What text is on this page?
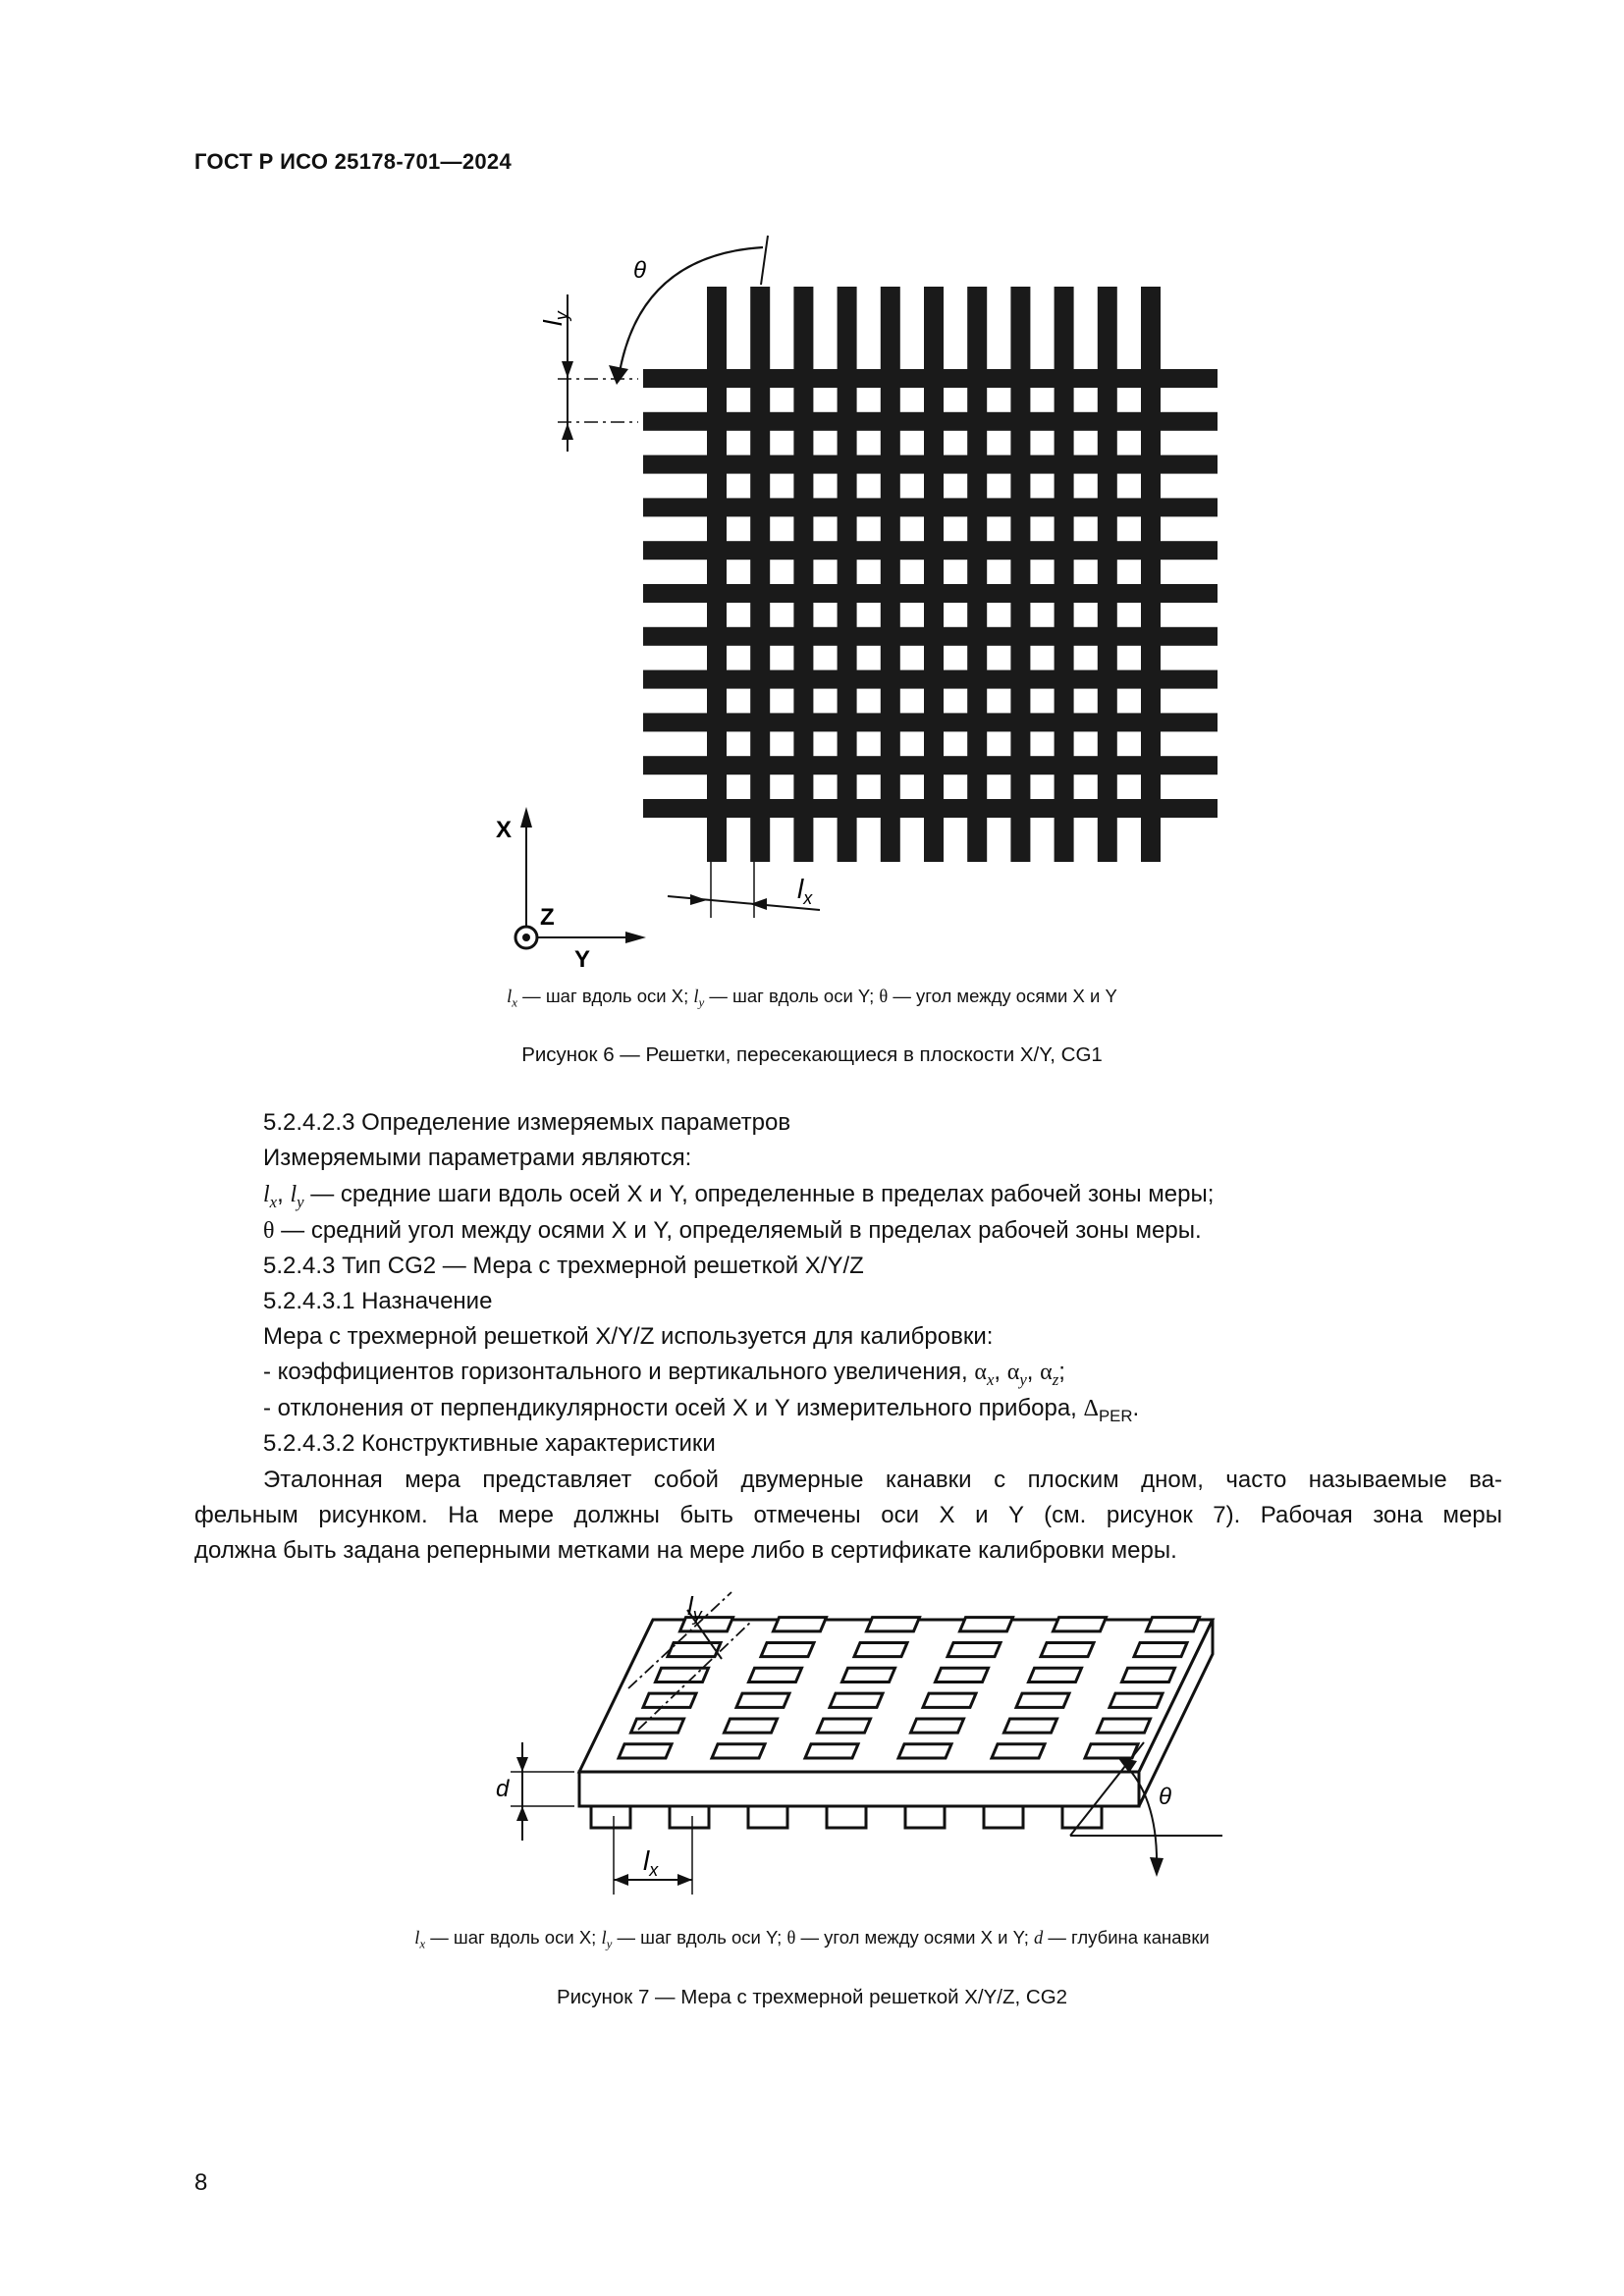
ГОСТ Р ИСО 25178-701—2024
θ
$l_y$
$l_x$
X
Z
Y
$l_x$ — шаг вдоль оси X; $l_y$ — шаг вдоль оси Y; θ — угол между осями X и Y
Рисунок 6 — Решетки, пересекающиеся в плоскости X/Y, CG1
5.2.4.2.3 Определение измеряемых параметров
Измеряемыми параметрами являются:
$l_x$, $l_y$ — средние шаги вдоль осей X и Y, определенные в пределах рабочей зоны меры;
θ — средний угол между осями X и Y, определяемый в пределах рабочей зоны меры.
5.2.4.3 Тип CG2 — Мера с трехмерной решеткой X/Y/Z
5.2.4.3.1 Назначение
Мера с трехмерной решеткой X/Y/Z используется для калибровки:
- коэффициентов горизонтального и вертикального увеличения, $\alpha_x$, $\alpha_y$, $\alpha_z$;
- отклонения от перпендикулярности осей X и Y измерительного прибора, $\Delta_{PER}$.
5.2.4.3.2 Конструктивные характеристики
Эталонная мера представляет собой двумерные канавки с плоским дном, часто называемые ва-
фельным рисунком. На мере должны быть отмечены оси X и Y (см. рисунок 7). Рабочая зона меры
должна быть задана реперными метками на мере либо в сертификате калибровки меры.
d
$l_x$
$l_y$
θ
$l_x$ — шаг вдоль оси X; $l_y$ — шаг вдоль оси Y; θ — угол между осями X и Y; d — глубина канавки
Рисунок 7 — Мера с трехмерной решеткой X/Y/Z, CG2
8
